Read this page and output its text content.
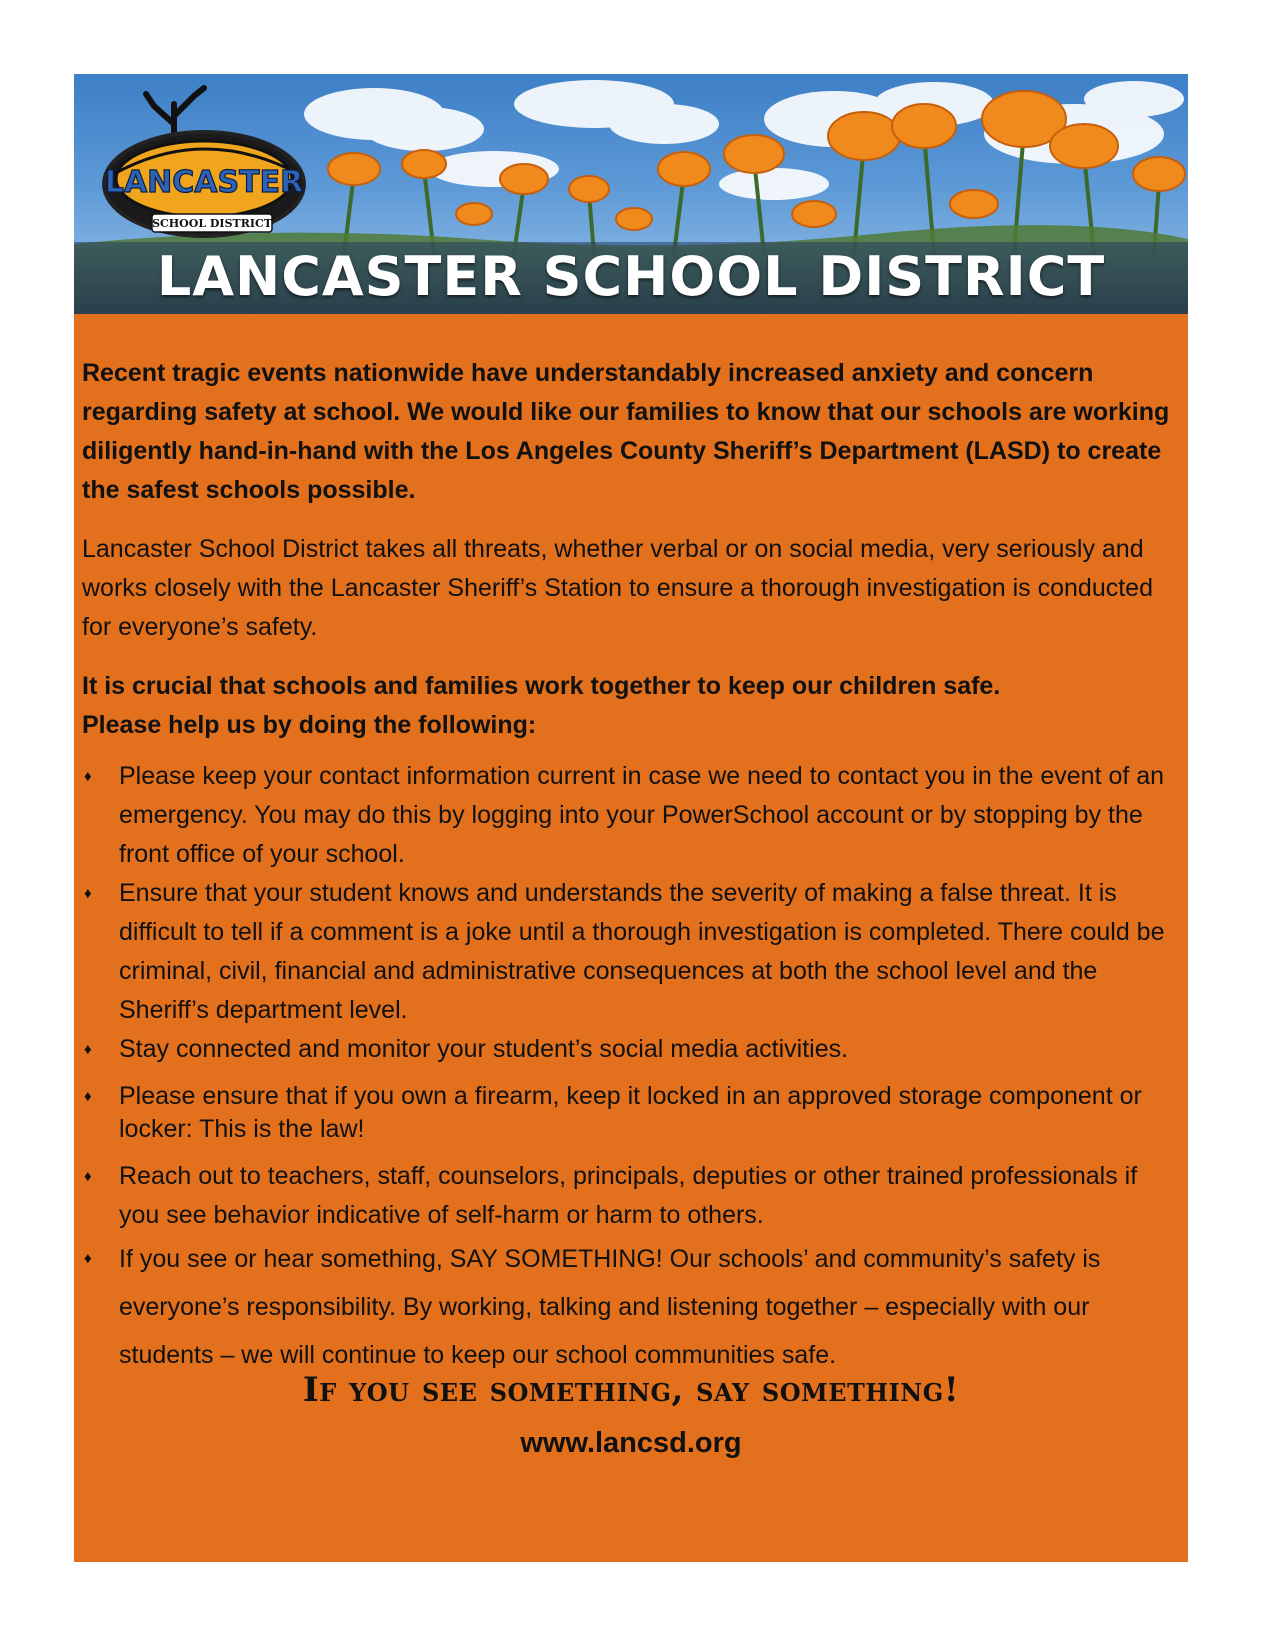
LANCASTER
SCHOOL DISTRICT
LANCASTER SCHOOL DISTRICT

Recent tragic events nationwide have understandably increased anxiety and concern regarding safety at school. We would like our families to know that our schools are working diligently hand-in-hand with the Los Angeles County Sheriff’s Department (LASD) to create the safest schools possible.

Lancaster School District takes all threats, whether verbal or on social media, very seriously and works closely with the Lancaster Sheriff’s Station to ensure a thorough investigation is conducted for everyone’s safety.

It is crucial that schools and families work together to keep our children safe.
Please help us by doing the following:

♦ Please keep your contact information current in case we need to contact you in the event of an emergency. You may do this by logging into your PowerSchool account or by stopping by the front office of your school.
♦ Ensure that your student knows and understands the severity of making a false threat. It is difficult to tell if a comment is a joke until a thorough investigation is completed. There could be criminal, civil, financial and administrative consequences at both the school level and the Sheriff’s department level.
♦ Stay connected and monitor your student’s social media activities.
♦ Please ensure that if you own a firearm, keep it locked in an approved storage component or locker: This is the law!
♦ Reach out to teachers, staff, counselors, principals, deputies or other trained professionals if you see behavior indicative of self-harm or harm to others.
♦ If you see or hear something, SAY SOMETHING! Our schools’ and community’s safety is everyone’s responsibility. By working, talking and listening together – especially with our students – we will continue to keep our school communities safe.
If you see something, say something!
www.lancsd.org
